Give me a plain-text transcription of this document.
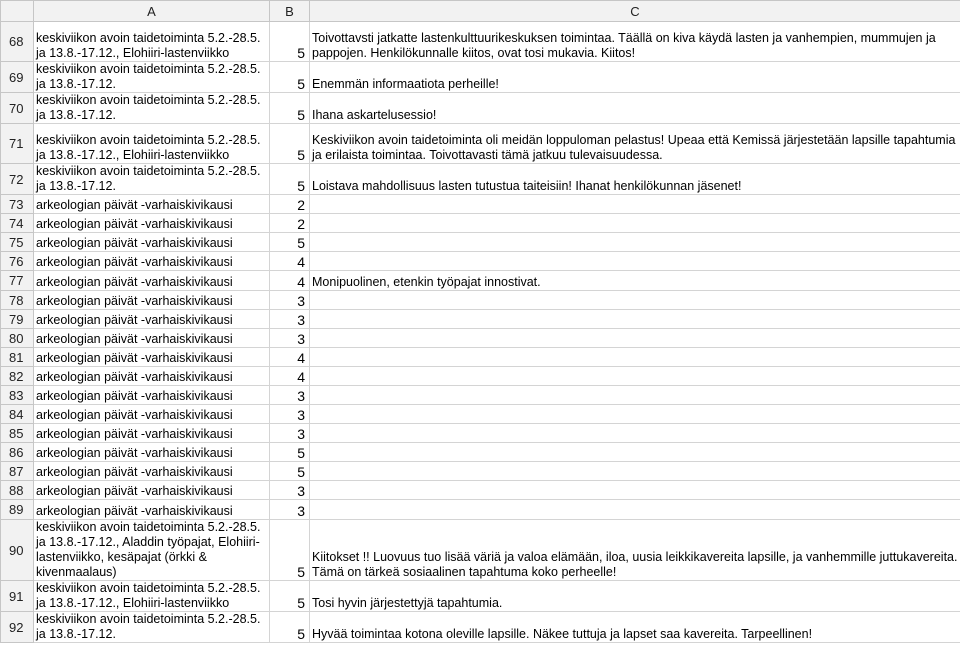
	A	B	C
68	keskiviikon avoin taidetoiminta 5.2.-28.5. ja 13.8.-17.12., Elohiiri-lastenviikko	5	Toivottavsti jatkatte lastenkulttuurikeskuksen toimintaa. Täällä on kiva käydä lasten ja vanhempien, mummujen ja pappojen. Henkilökunnalle kiitos, ovat tosi mukavia. Kiitos!
69	keskiviikon avoin taidetoiminta 5.2.-28.5. ja 13.8.-17.12.	5	Enemmän informaatiota perheille!
70	keskiviikon avoin taidetoiminta 5.2.-28.5. ja 13.8.-17.12.	5	Ihana askartelusessio!
71	keskiviikon avoin taidetoiminta 5.2.-28.5. ja 13.8.-17.12., Elohiiri-lastenviikko	5	Keskiviikon avoin taidetoiminta oli meidän loppuloman pelastus! Upeaa että Kemissä järjestetään lapsille tapahtumia ja erilaista toimintaa. Toivottavasti tämä jatkuu tulevaisuudessa.
72	keskiviikon avoin taidetoiminta 5.2.-28.5. ja 13.8.-17.12.	5	Loistava mahdollisuus lasten tutustua taiteisiin! Ihanat henkilökunnan jäsenet!
73	arkeologian päivät -varhaiskivikausi	2	
74	arkeologian päivät -varhaiskivikausi	2	
75	arkeologian päivät -varhaiskivikausi	5	
76	arkeologian päivät -varhaiskivikausi	4	
77	arkeologian päivät -varhaiskivikausi	4	Monipuolinen, etenkin työpajat innostivat.
78	arkeologian päivät -varhaiskivikausi	3	
79	arkeologian päivät -varhaiskivikausi	3	
80	arkeologian päivät -varhaiskivikausi	3	
81	arkeologian päivät -varhaiskivikausi	4	
82	arkeologian päivät -varhaiskivikausi	4	
83	arkeologian päivät -varhaiskivikausi	3	
84	arkeologian päivät -varhaiskivikausi	3	
85	arkeologian päivät -varhaiskivikausi	3	
86	arkeologian päivät -varhaiskivikausi	5	
87	arkeologian päivät -varhaiskivikausi	5	
88	arkeologian päivät -varhaiskivikausi	3	
89	arkeologian päivät -varhaiskivikausi	3	
90	keskiviikon avoin taidetoiminta 5.2.-28.5. ja 13.8.-17.12., Aladdin työpajat, Elohiiri-lastenviikko, kesäpajat (örkki & kivenmaalaus)	5	Kiitokset !! Luovuus tuo lisää väriä ja valoa elämään, iloa, uusia leikkikavereita lapsille, ja vanhemmille juttukavereita. Tämä on tärkeä sosiaalinen tapahtuma koko perheelle!
91	keskiviikon avoin taidetoiminta 5.2.-28.5. ja 13.8.-17.12., Elohiiri-lastenviikko	5	Tosi hyvin järjestettyjä tapahtumia.
92	keskiviikon avoin taidetoiminta 5.2.-28.5. ja 13.8.-17.12.	5	Hyvää toimintaa kotona oleville lapsille. Näkee tuttuja ja lapset saa kavereita. Tarpeellinen!
